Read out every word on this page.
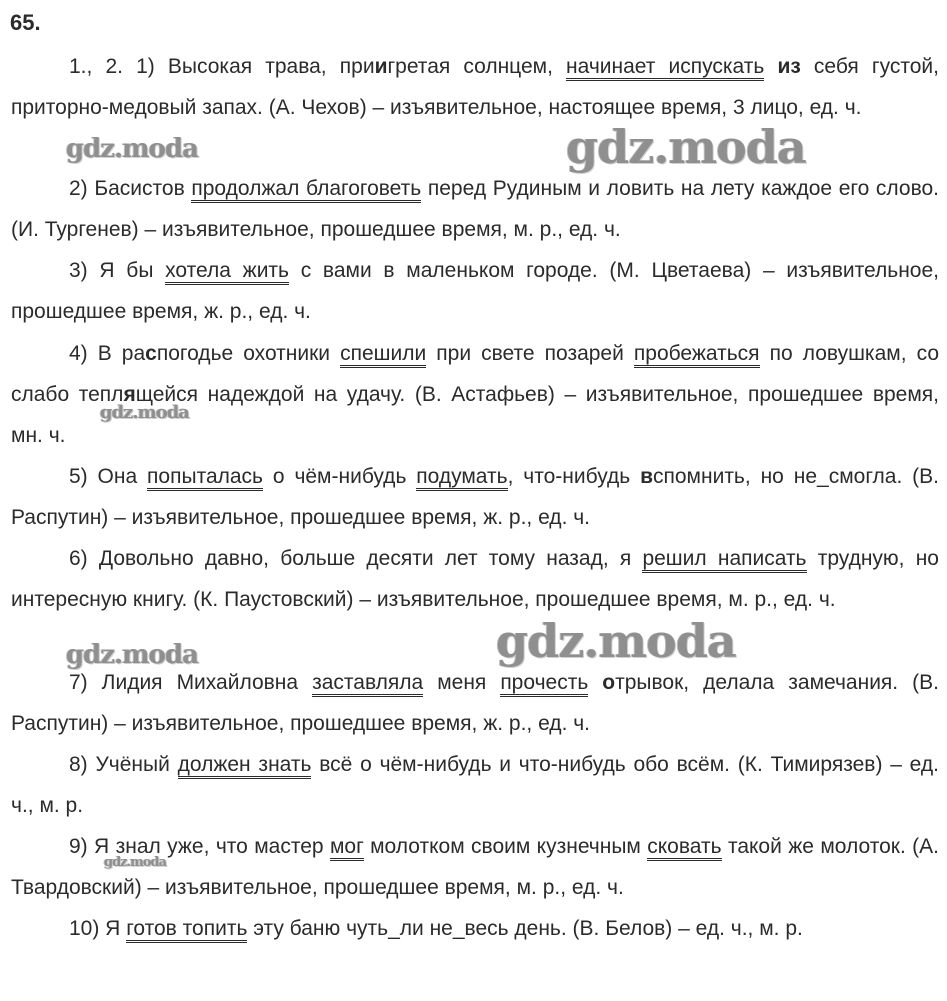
65.
1., 2. 1) Высокая трава, приигретая солнцем, начинает испускать из себя густой, приторно-медовый запах. (А. Чехов) – изъявительное, настоящее время, 3 лицо, ед. ч.
2) Басистов продолжал благоговеть перед Рудиным и ловить на лету каждое его слово. (И. Тургенев) – изъявительное, прошедшее время, м. р., ед. ч.
3) Я бы хотела жить с вами в маленьком городе. (М. Цветаева) – изъявительное, прошедшее время, ж. р., ед. ч.
4) В распогодье охотники спешили при свете позарей пробежаться по ловушкам, со слабо теплящейся надеждой на удачу. (В. Астафьев) – изъявительное, прошедшее время, мн. ч.
5) Она попыталась о чём-нибудь подумать, что-нибудь вспомнить, но не_смогла. (В. Распутин) – изъявительное, прошедшее время, ж. р., ед. ч.
6) Довольно давно, больше десяти лет тому назад, я решил написать трудную, но интересную книгу. (К. Паустовский) – изъявительное, прошедшее время, м. р., ед. ч.
7) Лидия Михайловна заставляла меня прочесть отрывок, делала замечания. (В. Распутин) – изъявительное, прошедшее время, ж. р., ед. ч.
8) Учёный должен знать всё о чём-нибудь и что-нибудь обо всём. (К. Тимирязев) – ед. ч., м. р.
9) Я знал уже, что мастер мог молотком своим кузнечным сковать такой же молоток. (А. Твардовский) – изъявительное, прошедшее время, м. р., ед. ч.
10) Я готов топить эту баню чуть_ли не_весь день. (В. Белов) – ед. ч., м. р.
gdz.moda	gdz.moda
gdz.moda
gdz.moda
gdz.moda
gdz.moda
